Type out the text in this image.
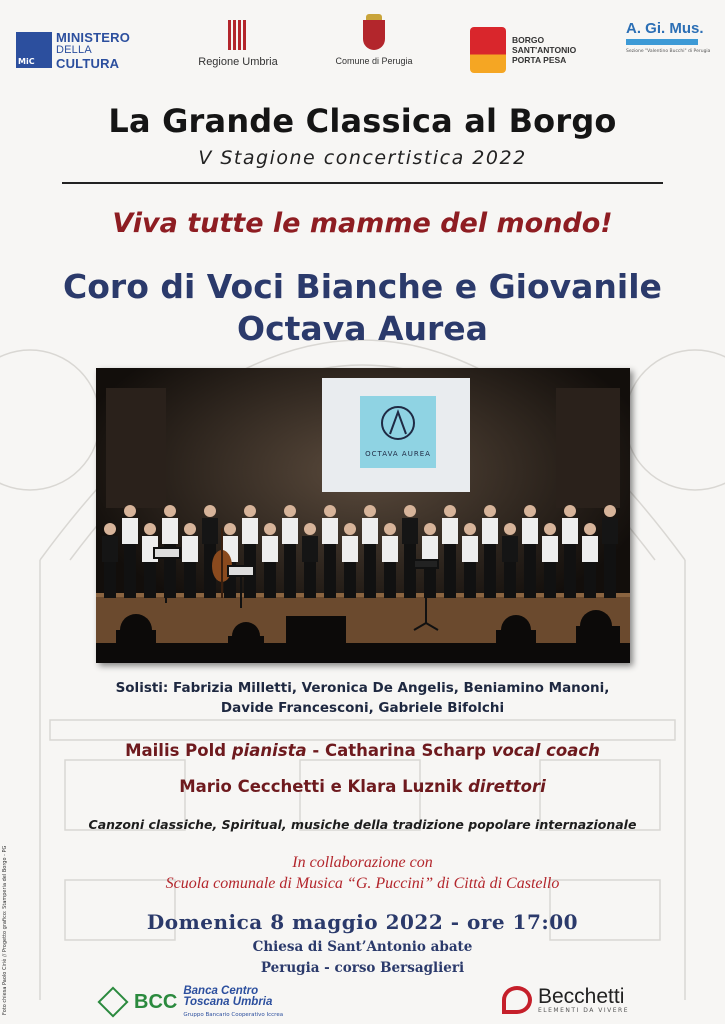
MiC
MINISTERO
DELLA
CULTURA	Regione Umbria	Comune di Perugia
BORGO
SANT'ANTONIO
PORTA PESA
A. Gi. Mus.
Sezione "Valentino Bucchi" di Perugia
La Grande Classica al Borgo
V Stagione concertistica 2022
Viva tutte le mamme del mondo!
Coro di Voci Bianche e Giovanile
Octava Aurea
OCTAVA AUREA
Solisti: Fabrizia Milletti, Veronica De Angelis, Beniamino Manoni,
Davide Francesconi, Gabriele Bifolchi
Mailis Pold pianista - Catharina Scharp vocal coach
Mario Cecchetti e Klara Luznik direttori
Canzoni classiche, Spiritual, musiche della tradizione popolare internazionale
In collaborazione con
Scuola comunale di Musica “G. Puccini” di Città di Castello
Domenica 8 maggio 2022 - ore 17:00
Chiesa di Sant’Antonio abate
Perugia - corso Bersaglieri
Foto chiesa Paolo Ciriè // Progetto grafico: Stamperia del Borgo - PG	BCC Banca Centro
Toscana Umbria
Gruppo Bancario Cooperativo Iccrea
Becchetti
ELEMENTI DA VIVERE
